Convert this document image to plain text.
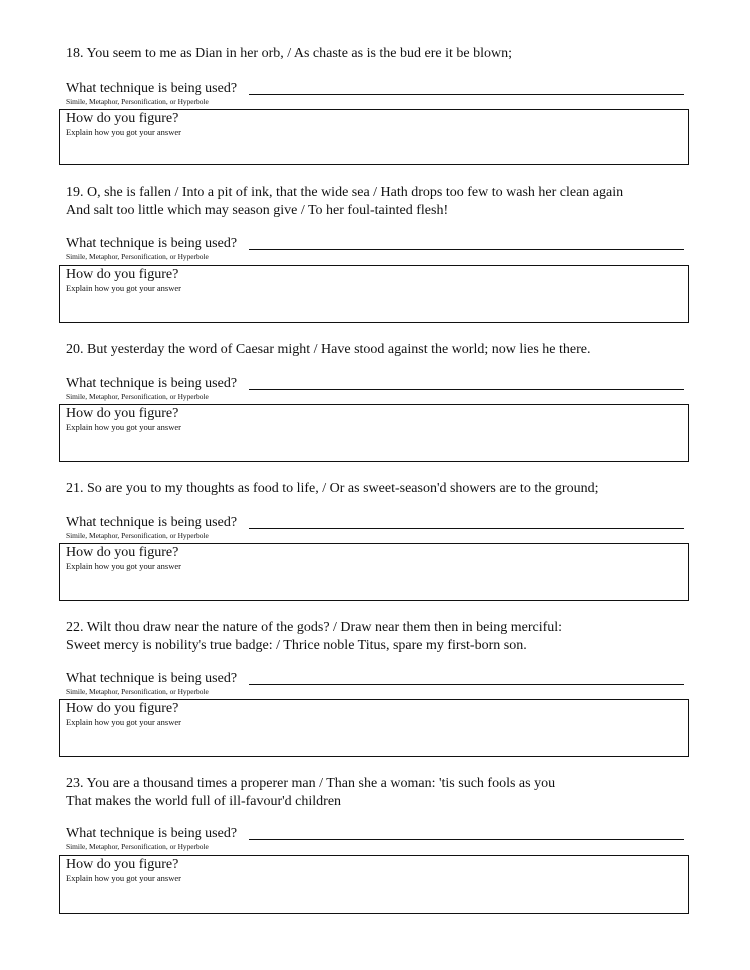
18. You seem to me as Dian in her orb, / As chaste as is the bud ere it be blown;
What technique is being used?
Simile, Metaphor, Personification, or Hyperbole
How do you figure?
Explain how you got your answer
19. O, she is fallen / Into a pit of ink, that the wide sea / Hath drops too few to wash her clean again
And salt too little which may season give / To her foul-tainted flesh!
What technique is being used?
Simile, Metaphor, Personification, or Hyperbole
How do you figure?
Explain how you got your answer
20. But yesterday the word of Caesar might / Have stood against the world; now lies he there.
What technique is being used?
Simile, Metaphor, Personification, or Hyperbole
How do you figure?
Explain how you got your answer
21. So are you to my thoughts as food to life, / Or as sweet-season'd showers are to the ground;
What technique is being used?
Simile, Metaphor, Personification, or Hyperbole
How do you figure?
Explain how you got your answer
22. Wilt thou draw near the nature of the gods? / Draw near them then in being merciful:
Sweet mercy is nobility's true badge: / Thrice noble Titus, spare my first-born son.
What technique is being used?
Simile, Metaphor, Personification, or Hyperbole
How do you figure?
Explain how you got your answer
23. You are a thousand times a properer man / Than she a woman: 'tis such fools as you
That makes the world full of ill-favour'd children
What technique is being used?
Simile, Metaphor, Personification, or Hyperbole
How do you figure?
Explain how you got your answer
